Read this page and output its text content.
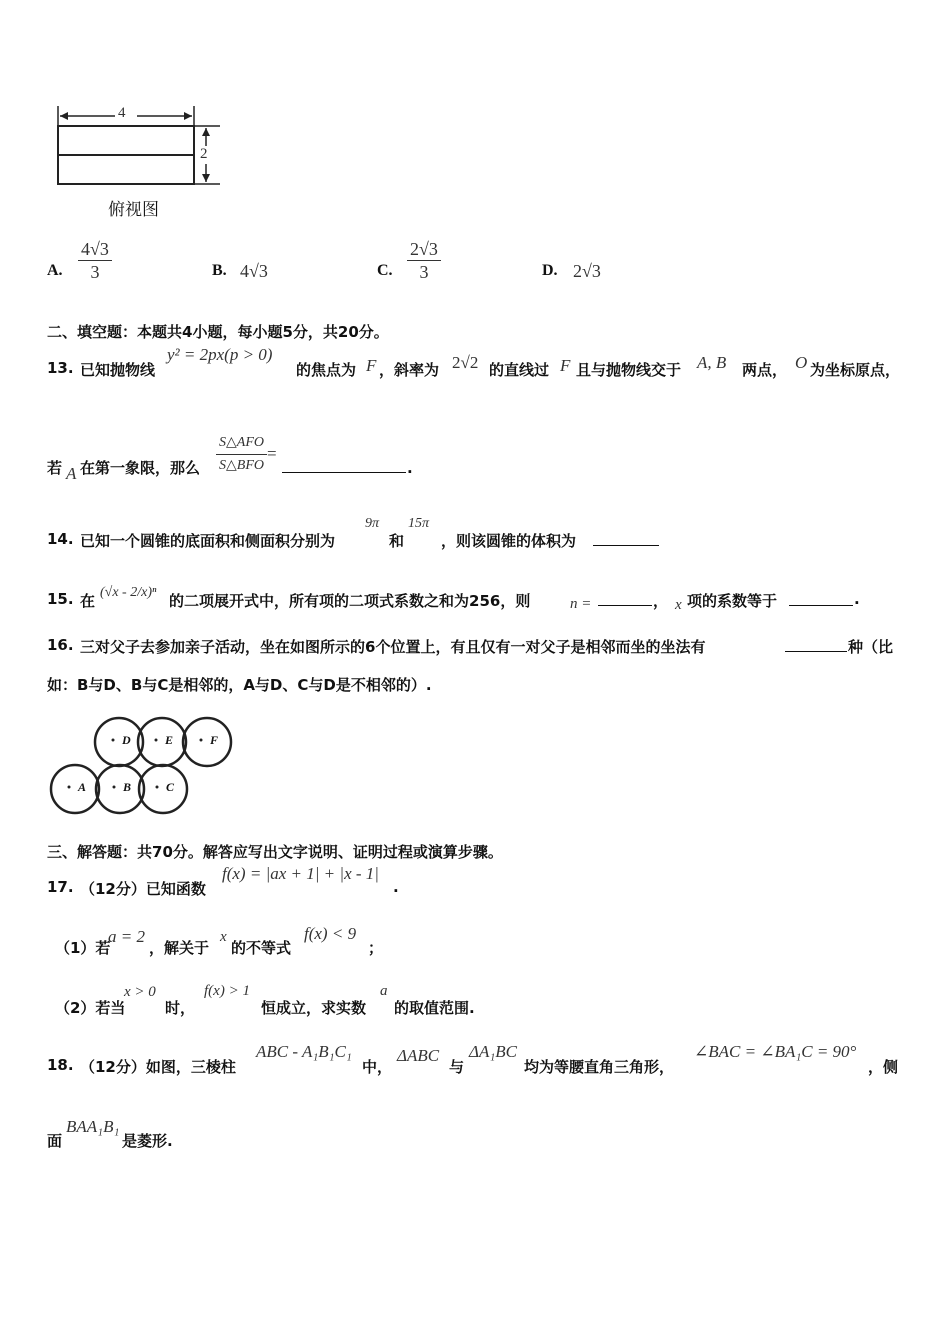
4
2
俯视图
A. $\frac{4√3}{3}$	B. 4√3	C. $\frac{2√3}{3}$	D. 2√3
二、填空题：本题共4小题，每小题5分，共20分。
13. 已知抛物线
y² = 2px(p > 0)
的焦点为 F ，斜率为 2√2 的直线过 F 且与抛物线交于 A, B 两点， O 为坐标原点，
若 A 在第一象限，那么
S△AFO
S△BFO
=
.
14. 已知一个圆锥的底面积和侧面积分别为
9π
和
15π
，则该圆锥的体积为
15. 在 (√x - 2/x)ⁿ 的二项展开式中，所有项的二项式系数之和为256，则	n =	， x 项的系数等于	.
16. 三对父子去参加亲子活动，坐在如图所示的6个位置上，有且仅有一对父子是相邻而坐的坐法有	种（比
如：B与D、B与C是相邻的，A与D、C与D是不相邻的）.
A	B	C
D	E	F
三、解答题：共70分。解答应写出文字说明、证明过程或演算步骤。
17. （12分）已知函数
f(x) = |ax + 1| + |x - 1|
.
（1）若
a = 2
，解关于
x
的不等式
f(x) < 9
；
（2）若当
x > 0
时，
f(x) > 1
恒成立，求实数
a
的取值范围.
18. （12分）如图，三棱柱
ABC - A₁B₁C₁
中，
ΔABC
与
ΔA₁BC
均为等腰直角三角形，
∠BAC = ∠BA₁C = 90°
，侧
面
BAA₁B₁
是菱形.
